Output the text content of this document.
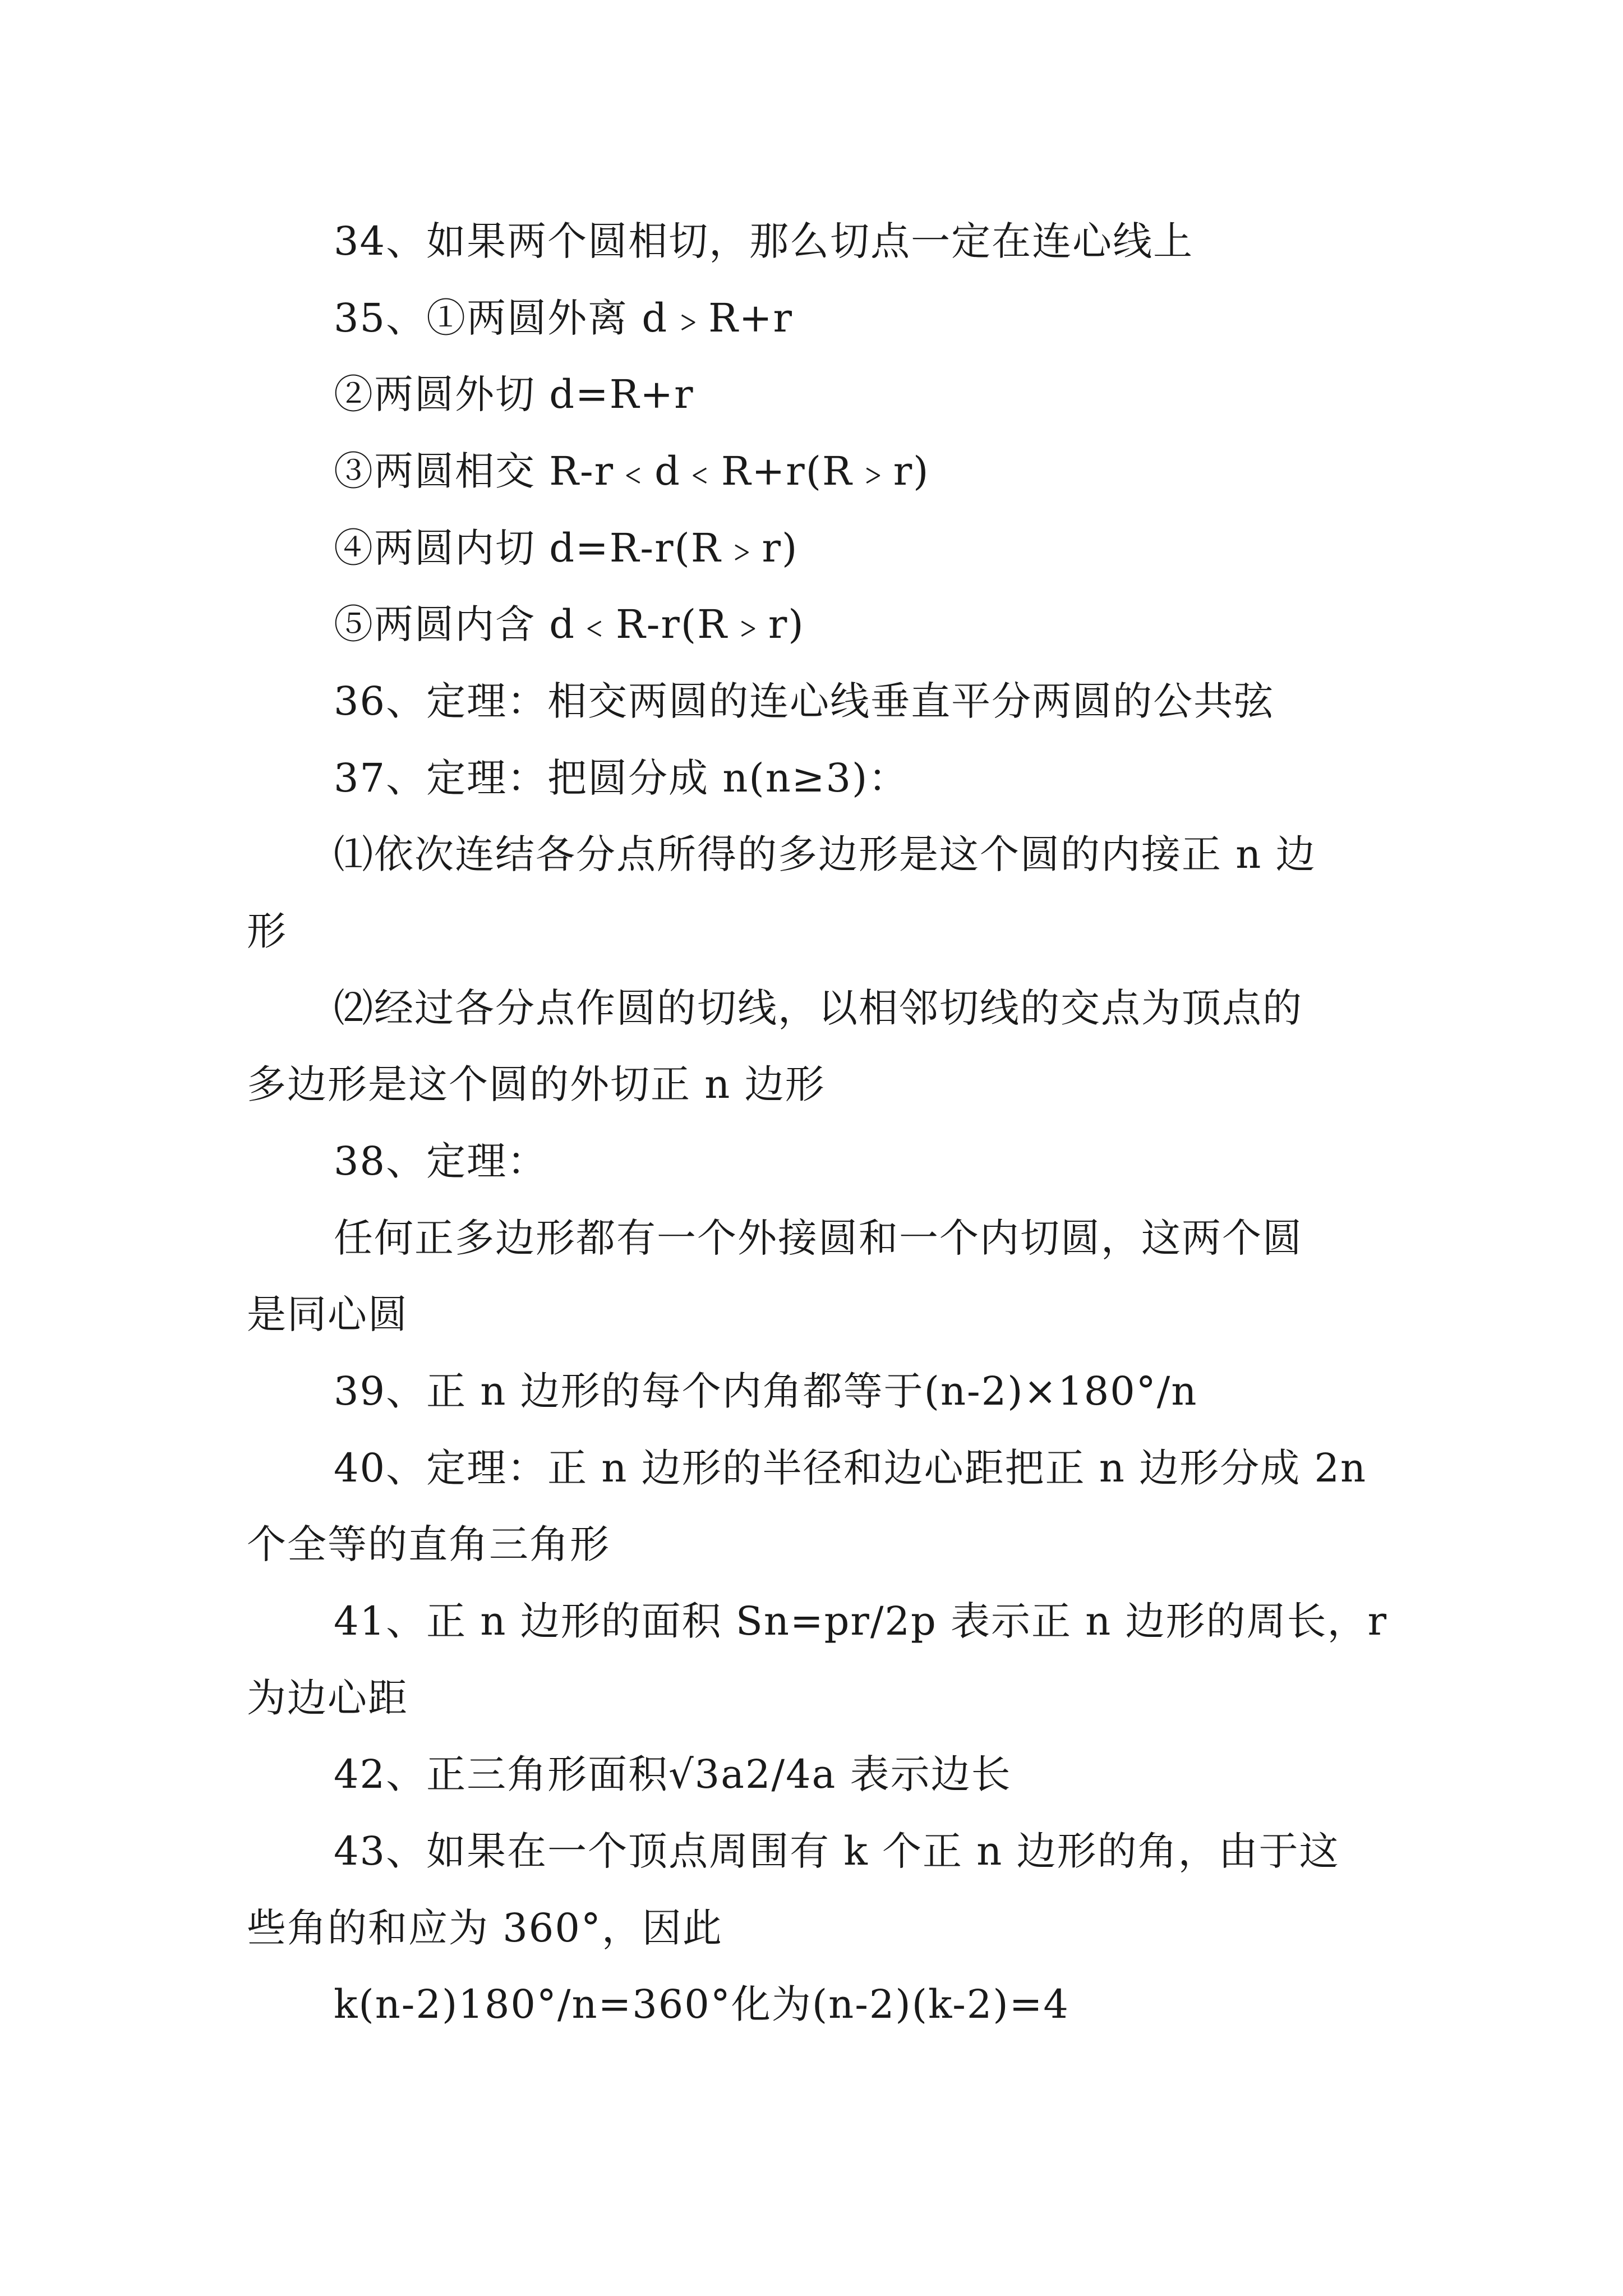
34、如果两个圆相切，那么切点一定在连心线上
35、①两圆外离 d﹥R+r
②两圆外切 d=R+r
③两圆相交 R-r﹤d﹤R+r(R﹥r)
④两圆内切 d=R-r(R﹥r)
⑤两圆内含 d﹤R-r(R﹥r)
36、定理：相交两圆的连心线垂直平分两圆的公共弦
37、定理：把圆分成 n(n≥3)：
⑴依次连结各分点所得的多边形是这个圆的内接正 n 边
形
⑵经过各分点作圆的切线，以相邻切线的交点为顶点的
多边形是这个圆的外切正 n 边形
38、定理：
任何正多边形都有一个外接圆和一个内切圆，这两个圆
是同心圆
39、正 n 边形的每个内角都等于(n-2)×180°/n
40、定理：正 n 边形的半径和边心距把正 n 边形分成 2n
个全等的直角三角形
41、正 n 边形的面积 Sn=pr/2p 表示正 n 边形的周长，r
为边心距
42、正三角形面积√3a2/4a 表示边长
43、如果在一个顶点周围有 k 个正 n 边形的角，由于这
些角的和应为 360°，因此
k(n-2)180°/n=360°化为(n-2)(k-2)=4
